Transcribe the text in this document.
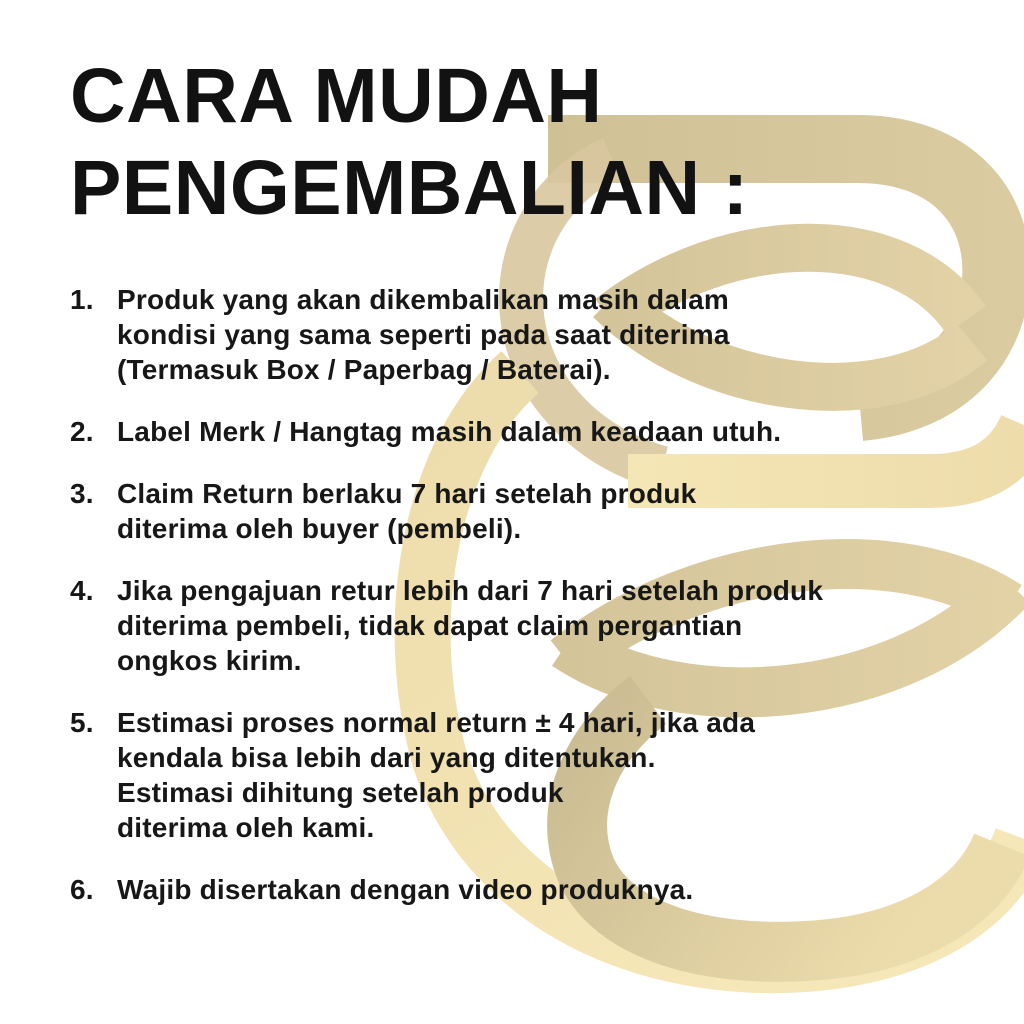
CARA MUDAH
PENGEMBALIAN :
1. Produk yang akan dikembalikan masih dalam
kondisi yang sama seperti pada saat diterima
(Termasuk Box / Paperbag / Baterai).
2. Label Merk / Hangtag masih dalam keadaan utuh.
3. Claim Return berlaku 7 hari setelah produk
diterima oleh buyer (pembeli).
4. Jika pengajuan retur lebih dari 7 hari setelah produk
diterima pembeli, tidak dapat claim pergantian
ongkos kirim.
5. Estimasi proses normal return ± 4 hari, jika ada
kendala bisa lebih dari yang ditentukan.
Estimasi dihitung setelah produk
diterima oleh kami.
6. Wajib disertakan dengan video produknya.
